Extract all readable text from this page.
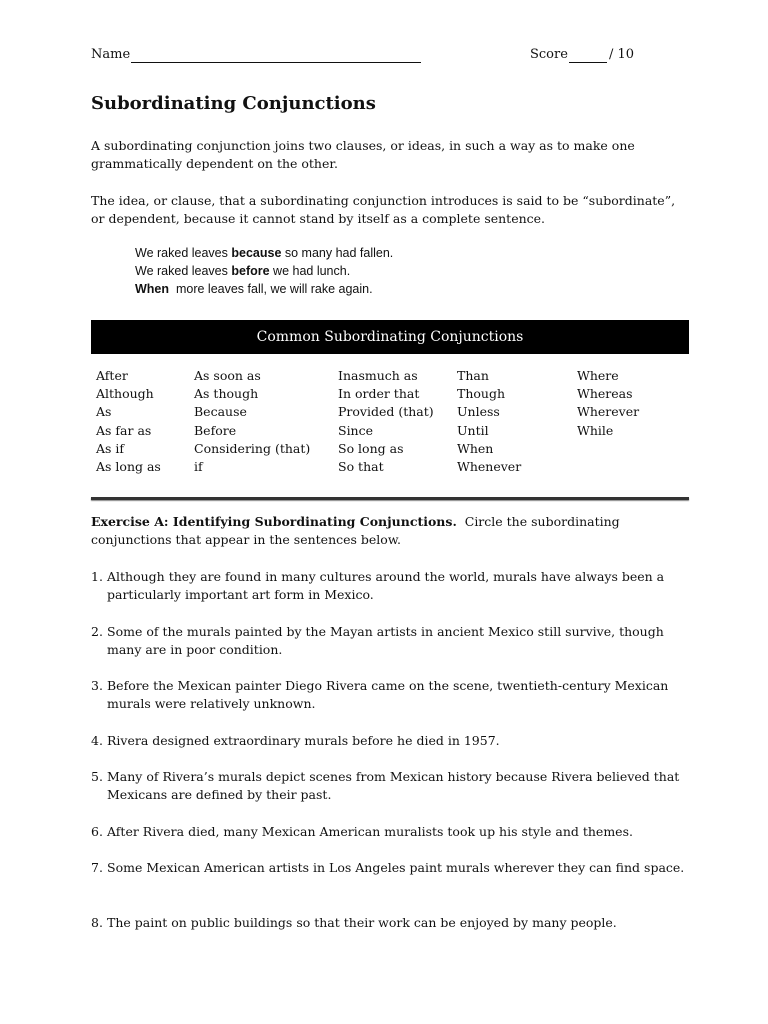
Name	Score	/ 10
Subordinating Conjunctions

A subordinating conjunction joins two clauses, or ideas, in such a way as to make one grammatically dependent on the other.

The idea, or clause, that a subordinating conjunction introduces is said to be “subordinate”, or dependent, because it cannot stand by itself as a complete sentence.

We raked leaves because so many had fallen.
We raked leaves before we had lunch.
When  more leaves fall, we will rake again.
Common Subordinating Conjunctions
After
Although
As
As far as
As if
As long as
As soon as
As though
Because
Before
Considering (that)
if
Inasmuch as
In order that
Provided (that)
Since
So long as
So that
Than
Though
Unless
Until
When
Whenever
Where
Whereas
Wherever
While

Exercise A: Identifying Subordinating Conjunctions. Circle the subordinating conjunctions that appear in the sentences below.

1. Although they are found in many cultures around the world, murals have always been a particularly important art form in Mexico.
2. Some of the murals painted by the Mayan artists in ancient Mexico still survive, though many are in poor condition.
3. Before the Mexican painter Diego Rivera came on the scene, twentieth-century Mexican murals were relatively unknown.
4. Rivera designed extraordinary murals before he died in 1957.
5. Many of Rivera’s murals depict scenes from Mexican history because Rivera believed that Mexicans are defined by their past.
6. After Rivera died, many Mexican American muralists took up his style and themes.
7. Some Mexican American artists in Los Angeles paint murals wherever they can find space.
8. The paint on public buildings so that their work can be enjoyed by many people.
